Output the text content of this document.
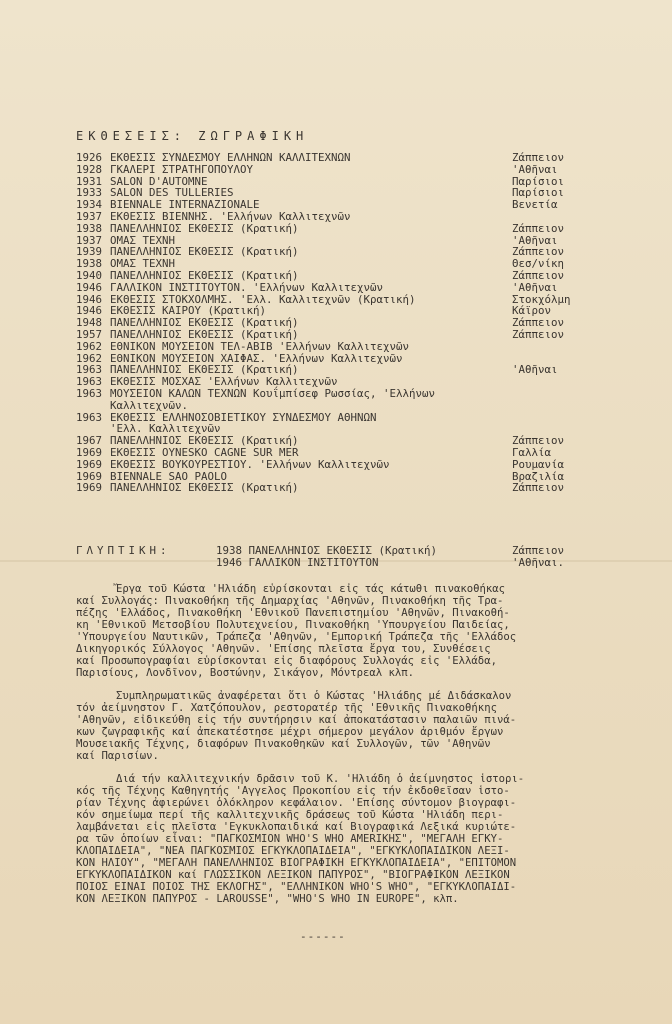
ΕΚΘΕΣΕΙΣ: ΖΩΓΡΑΦΙΚΗ
1926 ΕΚΘΕΣΙΣ ΣΥΝΔΕΣΜΟΥ ΕΛΛΗΝΩΝ ΚΑΛΛΙΤΕΧΝΩΝ	Ζάππειον
1928 ΓΚΑΛΕΡΙ ΣΤΡΑΤΗΓΟΠΟΥΛΟΥ	'Αθῆναι
1931 SALON D'AUTOMNE	Παρίσιοι
1933 SALON DES TULLERIES	Παρίσιοι
1934 BIENNALE INTERNAZIONALE	Βενετία
1937 ΕΚΘΕΣΙΣ ΒΙΕΝΝΗΣ. 'Ελλήνων Καλλιτεχνῶν
1938 ΠΑΝΕΛΛΗΝΙΟΣ ΕΚΘΕΣΙΣ (Κρατική)	Ζάππειον
1937 ΟΜΑΣ ΤΕΧΝΗ	'Αθῆναι
1939 ΠΑΝΕΛΛΗΝΙΟΣ ΕΚΘΕΣΙΣ (Κρατική)	Ζάππειον
1938 ΟΜΑΣ ΤΕΧΝΗ	Θεσ/νίκη
1940 ΠΑΝΕΛΛΗΝΙΟΣ ΕΚΘΕΣΙΣ (Κρατική)	Ζάππειον
1946 ΓΑΛΛΙΚΟΝ ΙΝΣΤΙΤΟΥΤΟΝ. 'Ελλήνων Καλλιτεχνῶν	'Αθῆναι
1946 ΕΚΘΕΣΙΣ ΣΤΟΚΧΟΛΜΗΣ. 'Ελλ. Καλλιτεχνῶν (Κρατική)	Στοκχόλμη
1946 ΕΚΘΕΣΙΣ ΚΑΙΡΟΥ (Κρατική)	Κάϊρον
1948 ΠΑΝΕΛΛΗΝΙΟΣ ΕΚΘΕΣΙΣ (Κρατική)	Ζάππειον
1957 ΠΑΝΕΛΛΗΝΙΟΣ ΕΚΘΕΣΙΣ (Κρατική)	Ζάππειον
1962 ΕΘΝΙΚΟΝ ΜΟΥΣΕΙΟΝ ΤΕΛ-ΑΒΙΒ 'Ελλήνων Καλλιτεχνῶν
1962 ΕΘΝΙΚΟΝ ΜΟΥΣΕΙΟΝ ΧΑΙΦΑΣ. 'Ελλήνων Καλλιτεχνῶν
1963 ΠΑΝΕΛΛΗΝΙΟΣ ΕΚΘΕΣΙΣ (Κρατική)	'Αθῆναι
1963 ΕΚΘΕΣΙΣ ΜΟΣΧΑΣ 'Ελλήνων Καλλιτεχνῶν
1963 ΜΟΥΣΕΙΟΝ ΚΑΛΩΝ ΤΕΧΝΩΝ Κουΐμπίσεφ Ρωσσίας, 'Ελλήνων
Καλλιτεχνῶν.
1963 ΕΚΘΕΣΙΣ ΕΛΛΗΝΟΣΟΒΙΕΤΙΚΟΥ ΣΥΝΔΕΣΜΟΥ ΑΘΗΝΩΝ
'Ελλ. Καλλιτεχνῶν
1967 ΠΑΝΕΛΛΗΝΙΟΣ ΕΚΘΕΣΙΣ (Κρατική)	Ζάππειον
1969 ΕΚΘΕΣΙΣ OYNESKO CAGNE SUR MER	Γαλλία
1969 ΕΚΘΕΣΙΣ ΒΟΥΚΟΥΡΕΣΤΙΟΥ. 'Ελλήνων Καλλιτεχνῶν	Ρουμανία
1969 BIENNALE SAO PAOLO	Βραζιλία
1969 ΠΑΝΕΛΛΗΝΙΟΣ ΕΚΘΕΣΙΣ (Κρατική)	Ζάππειον
ΓΛΥΠΤΙΚΗ:	1938 ΠΑΝΕΛΛΗΝΙΟΣ ΕΚΘΕΣΙΣ (Κρατική)	Ζάππειον
1946 ΓΑΛΛΙΚΟΝ ΙΝΣΤΙΤΟΥΤΟΝ	'Αθῆναι.
Ἔργα τοῦ Κώστα 'Ηλιάδη εὑρίσκονται εἰς τάς κάτωθι πινακοθήκας
καί Συλλογάς: Πινακοθήκη τῆς Δημαρχίας 'Αθηνῶν, Πινακοθήκη τῆς Τρα-
πέζης 'Ελλάδος, Πινακοθήκη 'Εθνικοῦ Πανεπιστημίου 'Αθηνῶν, Πινακοθή-
κη 'Εθνικοῦ Μετσοβίου Πολυτεχνείου, Πινακοθήκη 'Υπουργείου Παιδείας,
'Υπουργείου Ναυτικῶν, Τράπεζα 'Αθηνῶν, 'Εμπορική Τράπεζα τῆς 'Ελλάδος
Δικηγορικός Σύλλογος 'Αθηνῶν. 'Επίσης πλεῖστα ἔργα του, Συνθέσεις
καί Προσωπογραφίαι εὑρίσκονται εἰς διαφόρους Συλλογάς εἰς 'Ελλάδα,
Παρισίους, Λονδῖνον, Βοστώνην, Σικάγον, Μόντρεαλ κλπ.
Συμπληρωματικῶς ἀναφέρεται ὅτι ὁ Κώστας 'Ηλιάδης μέ Διδάσκαλον
τόν ἀείμνηστον Γ. Χατζόπουλον, ρεστορατέρ τῆς 'Εθνικῆς Πινακοθήκης
'Αθηνῶν, εἰδικεύθη εἰς τήν συντήρησιν καί ἀποκατάστασιν παλαιῶν πινά-
κων ζωγραφικῆς καί ἀπεκατέστησε μέχρι σήμερον μεγάλον ἀριθμόν ἔργων
Μουσειακῆς Τέχνης, διαφόρων Πινακοθηκῶν καί Συλλογῶν, τῶν 'Αθηνῶν
καί Παρισίων.
Διά τήν καλλιτεχνικήν δρᾶσιν τοῦ Κ. 'Ηλιάδη ὁ ἀείμνηστος ἱστορι-
κός τῆς Τέχνης Καθηγητής 'Αγγελος Προκοπίου εἰς τήν ἐκδοθεῖσαν ἱστο-
ρίαν Τέχνης ἀφιερώνει ὁλόκληρον κεφάλαιον. 'Επίσης σύντομον βιογραφι-
κόν σημείωμα περί τῆς καλλιτεχνικῆς δράσεως τοῦ Κώστα 'Ηλιάδη περι-
λαμβάνεται εἰς πλεῖστα 'Εγκυκλοπαιδικά καί Βιογραφικά Λεξικά κυριώτε-
ρα τῶν ὁποίων εἶναι: "ΠΑΓΚΟΣΜΙΟΝ WHO'S WHO AMERIKHΣ", "ΜΕΓΑΛΗ ΕΓΚΥ-
ΚΛΟΠΑΙΔΕΙΑ", "ΝΕΑ ΠΑΓΚΟΣΜΙΟΣ ΕΓΚΥΚΛΟΠΑΙΔΕΙΑ", "ΕΓΚΥΚΛΟΠΑΙΔΙΚΟΝ ΛΕΞΙ-
ΚΟΝ ΗΛΙΟΥ", "ΜΕΓΑΛΗ ΠΑΝΕΛΛΗΝΙΟΣ ΒΙΟΓΡΑΦΙΚΗ ΕΓΚΥΚΛΟΠΑΙΔΕΙΑ", "ΕΠΙΤΟΜΟΝ
ΕΓΚΥΚΛΟΠΑΙΔΙΚΟΝ καί ΓΛΩΣΣΙΚΟΝ ΛΕΞΙΚΟΝ ΠΑΠΥΡΟΣ", "ΒΙΟΓΡΑΦΙΚΟΝ ΛΕΞΙΚΟΝ
ΠΟΙΟΣ ΕΙΝΑΙ ΠΟΙΟΣ ΤΗΣ ΕΚΛΟΓΗΣ", "ΕΛΛΗΝΙΚΟΝ WHO'S WHO", "ΕΓΚΥΚΛΟΠΑΙΔΙ-
ΚΟΝ ΛΕΞΙΚΟΝ ΠΑΠΥΡΟΣ - LAROUSSE", "WHO'S WHO IN EUROPE", κλπ.
------
